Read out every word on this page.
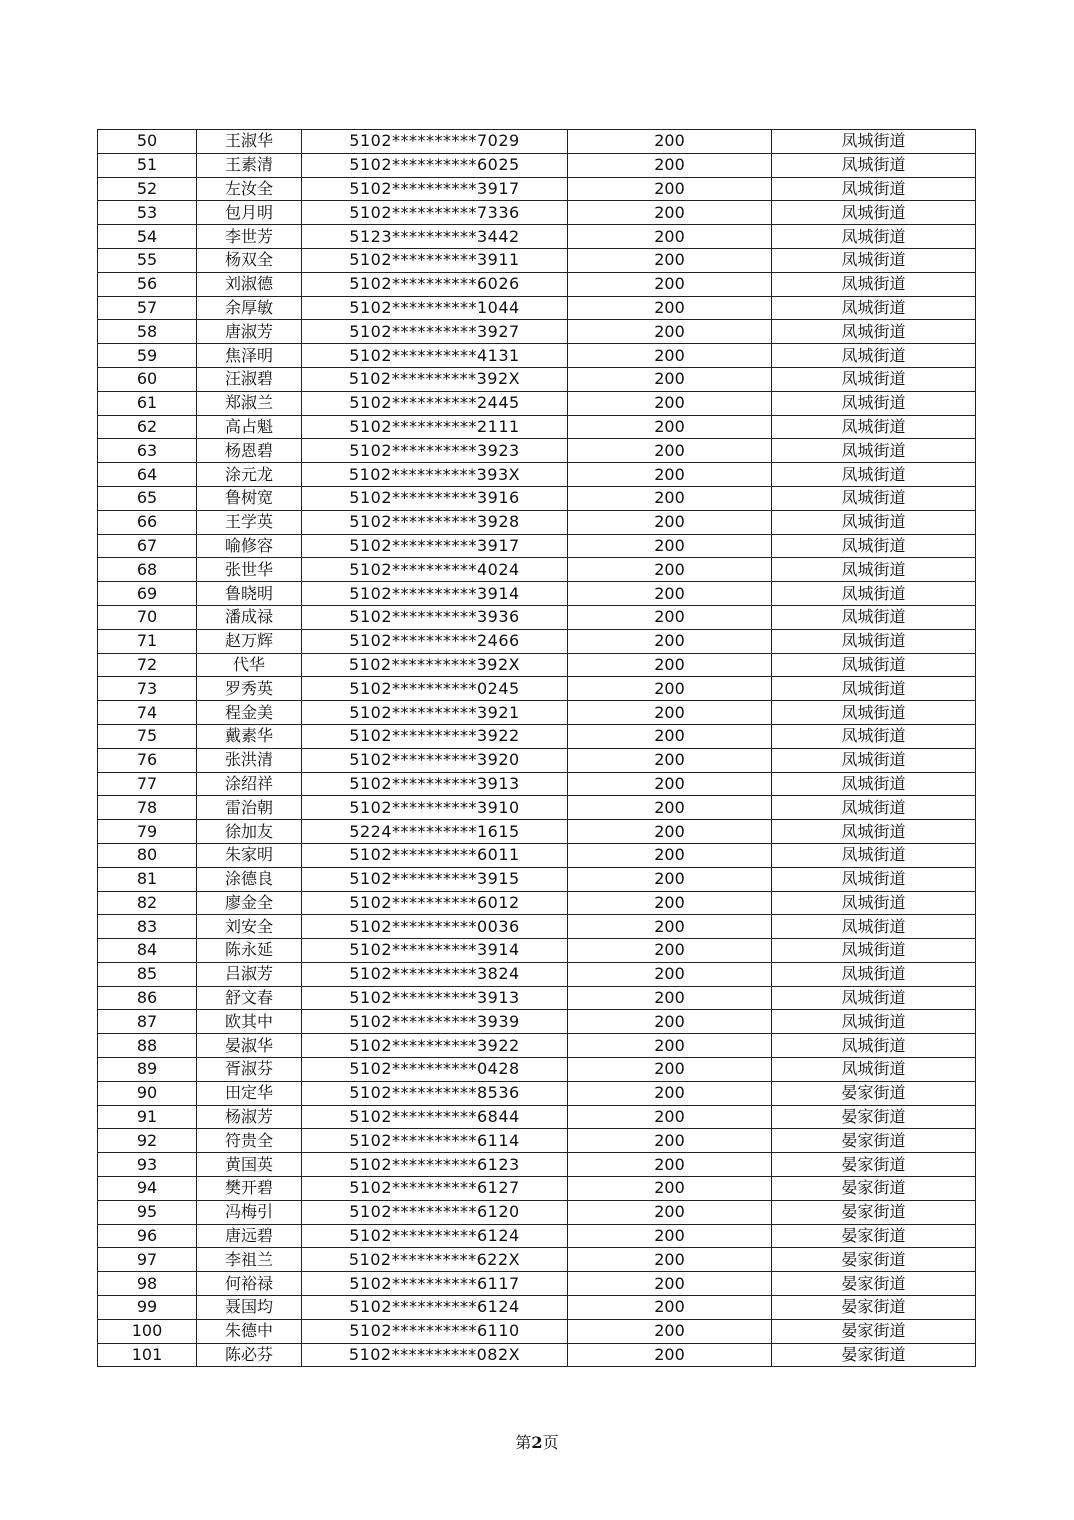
50	王淑华	5102**********7029	200	凤城街道
51	王素清	5102**********6025	200	凤城街道
52	左汝全	5102**********3917	200	凤城街道
53	包月明	5102**********7336	200	凤城街道
54	李世芳	5123**********3442	200	凤城街道
55	杨双全	5102**********3911	200	凤城街道
56	刘淑德	5102**********6026	200	凤城街道
57	余厚敏	5102**********1044	200	凤城街道
58	唐淑芳	5102**********3927	200	凤城街道
59	焦泽明	5102**********4131	200	凤城街道
60	汪淑碧	5102**********392X	200	凤城街道
61	郑淑兰	5102**********2445	200	凤城街道
62	高占魁	5102**********2111	200	凤城街道
63	杨恩碧	5102**********3923	200	凤城街道
64	涂元龙	5102**********393X	200	凤城街道
65	鲁树宽	5102**********3916	200	凤城街道
66	王学英	5102**********3928	200	凤城街道
67	喻修容	5102**********3917	200	凤城街道
68	张世华	5102**********4024	200	凤城街道
69	鲁晓明	5102**********3914	200	凤城街道
70	潘成禄	5102**********3936	200	凤城街道
71	赵万辉	5102**********2466	200	凤城街道
72	代华	5102**********392X	200	凤城街道
73	罗秀英	5102**********0245	200	凤城街道
74	程金美	5102**********3921	200	凤城街道
75	戴素华	5102**********3922	200	凤城街道
76	张洪清	5102**********3920	200	凤城街道
77	涂绍祥	5102**********3913	200	凤城街道
78	雷治朝	5102**********3910	200	凤城街道
79	徐加友	5224**********1615	200	凤城街道
80	朱家明	5102**********6011	200	凤城街道
81	涂德良	5102**********3915	200	凤城街道
82	廖金全	5102**********6012	200	凤城街道
83	刘安全	5102**********0036	200	凤城街道
84	陈永延	5102**********3914	200	凤城街道
85	吕淑芳	5102**********3824	200	凤城街道
86	舒文春	5102**********3913	200	凤城街道
87	欧其中	5102**********3939	200	凤城街道
88	晏淑华	5102**********3922	200	凤城街道
89	胥淑芬	5102**********0428	200	凤城街道
90	田定华	5102**********8536	200	晏家街道
91	杨淑芳	5102**********6844	200	晏家街道
92	符贵全	5102**********6114	200	晏家街道
93	黄国英	5102**********6123	200	晏家街道
94	樊开碧	5102**********6127	200	晏家街道
95	冯梅引	5102**********6120	200	晏家街道
96	唐远碧	5102**********6124	200	晏家街道
97	李祖兰	5102**********622X	200	晏家街道
98	何裕禄	5102**********6117	200	晏家街道
99	聂国均	5102**********6124	200	晏家街道
100	朱德中	5102**********6110	200	晏家街道
101	陈必芬	5102**********082X	200	晏家街道
第2页
